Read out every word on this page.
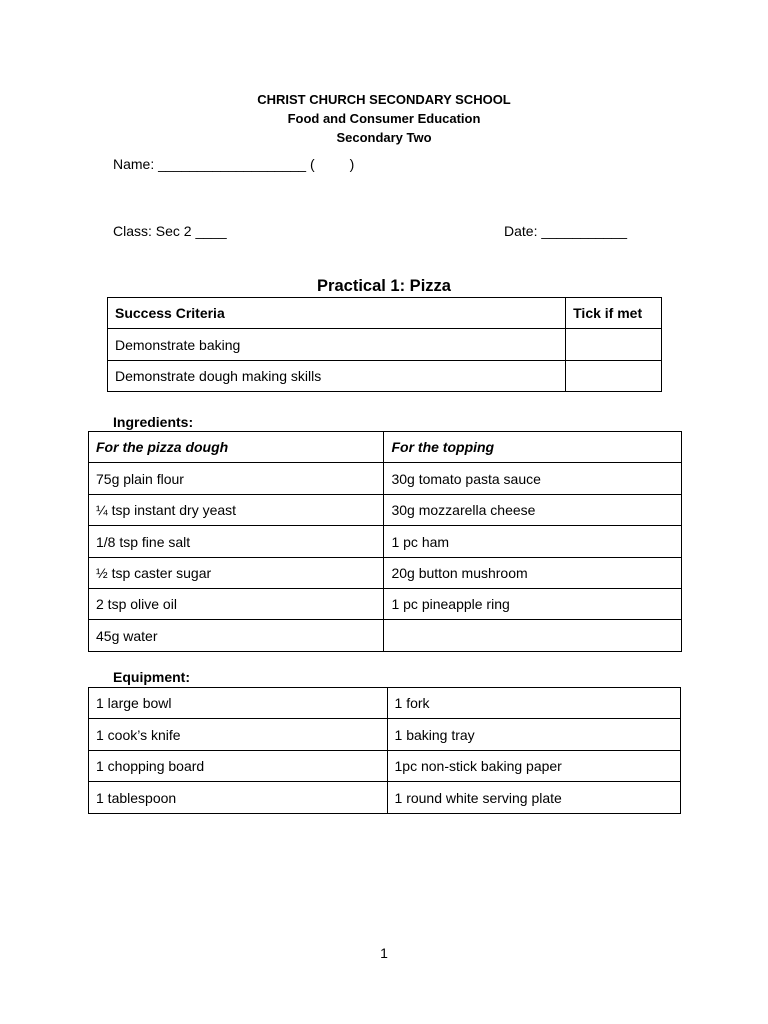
CHRIST CHURCH SECONDARY SCHOOL
Food and Consumer Education
Secondary Two
Name: ___________________ (         )
Class: Sec 2 ____	Date: ___________
Practical 1: Pizza
Success Criteria	Tick if met
Demonstrate baking	
Demonstrate dough making skills	
Ingredients:
For the pizza dough	For the topping
75g plain flour	30g tomato pasta sauce
¼ tsp instant dry yeast	30g mozzarella cheese
1/8 tsp fine salt	1 pc ham
½ tsp caster sugar	20g button mushroom
2 tsp olive oil	1 pc pineapple ring
45g water	
Equipment:
1 large bowl	1 fork
1 cook’s knife	1 baking tray
1 chopping board	1pc non-stick baking paper
1 tablespoon	1 round white serving plate
1
